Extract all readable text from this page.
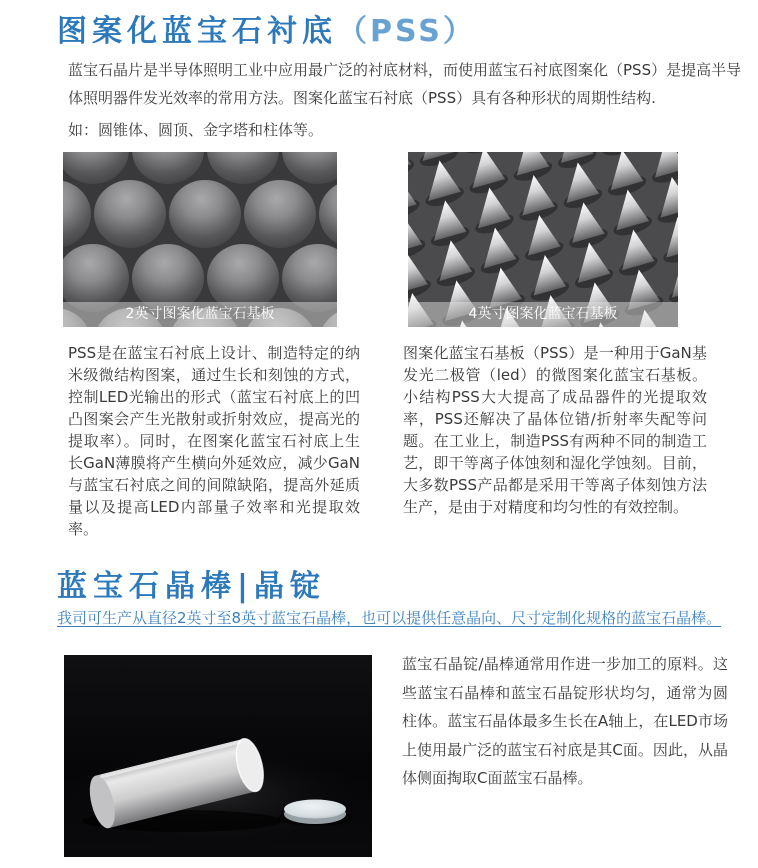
图案化蓝宝石衬底（PSS）

蓝宝石晶片是半导体照明工业中应用最广泛的衬底材料，而使用蓝宝石衬底图案化（PSS）是提高半导体照明器件发光效率的常用方法。图案化蓝宝石衬底（PSS）具有各种形状的周期性结构.

如：圆锥体、圆顶、金字塔和柱体等。

2英寸图案化蓝宝石基板	4英寸图案化蓝宝石基板

PSS是在蓝宝石衬底上设计、制造特定的纳米级微结构图案，通过生长和刻蚀的方式，控制LED光输出的形式（蓝宝石衬底上的凹凸图案会产生光散射或折射效应，提高光的提取率）。同时，在图案化蓝宝石衬底上生长GaN薄膜将产生横向外延效应，减少GaN与蓝宝石衬底之间的间隙缺陷，提高外延质量以及提高LED内部量子效率和光提取效率。

图案化蓝宝石基板（PSS）是一种用于GaN基发光二极管（led）的微图案化蓝宝石基板。小结构PSS大大提高了成品器件的光提取效率，PSS还解决了晶体位错/折射率失配等问题。在工业上，制造PSS有两种不同的制造工艺，即干等离子体蚀刻和湿化学蚀刻。目前，大多数PSS产品都是采用干等离子体刻蚀方法生产，是由于对精度和均匀性的有效控制。

蓝宝石晶棒|晶锭
我司可生产从直径2英寸至8英寸蓝宝石晶棒，也可以提供任意晶向、尺寸定制化规格的蓝宝石晶棒。

蓝宝石晶锭/晶棒通常用作进一步加工的原料。这些蓝宝石晶棒和蓝宝石晶锭形状均匀，通常为圆柱体。蓝宝石晶体最多生长在A轴上，在LED市场上使用最广泛的蓝宝石衬底是其C面。因此，从晶体侧面掏取C面蓝宝石晶棒。
